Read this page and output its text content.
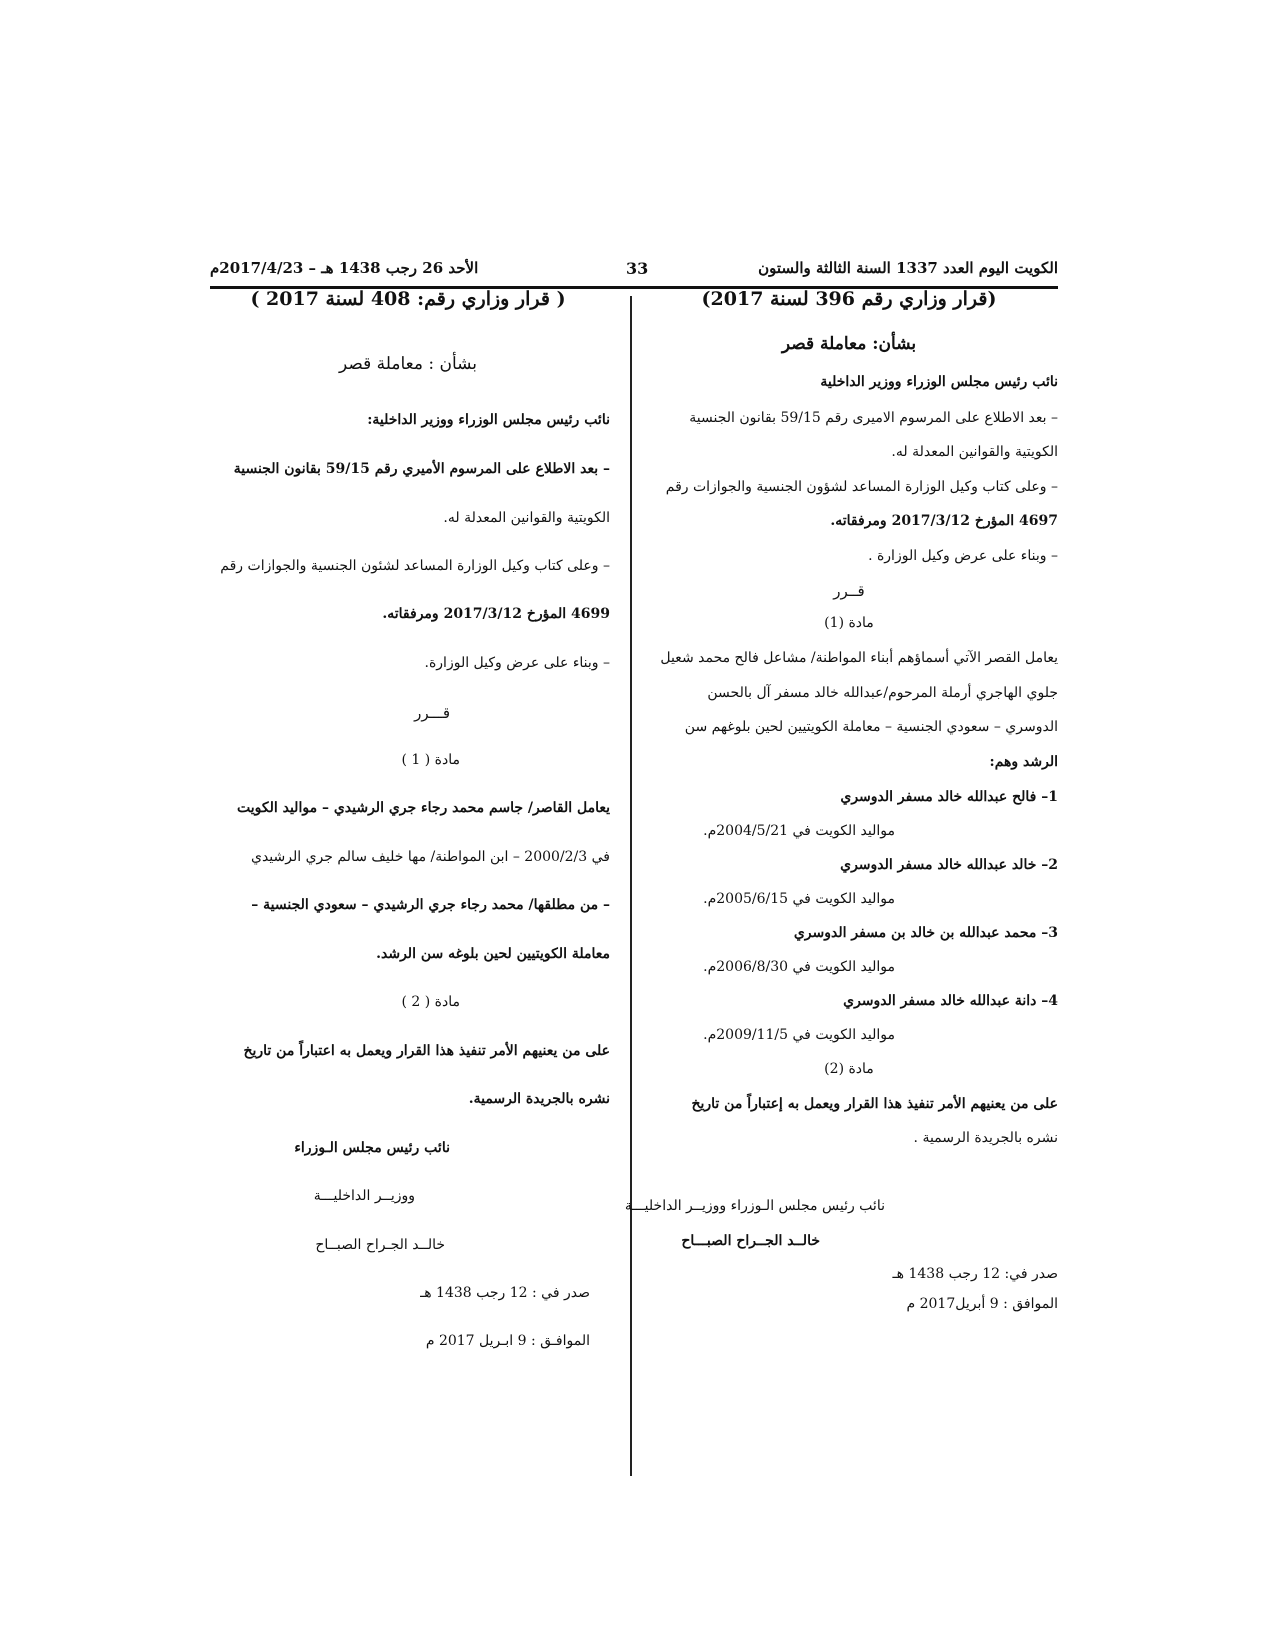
الكويت اليوم العدد 1337 السنة الثالثة والستون
33
الأحد 26 رجب 1438 هـ – 2017/4/23م
(قرار وزاري رقم 396 لسنة 2017)
بشأن: معاملة قصر
نائب رئيس مجلس الوزراء ووزير الداخلية
– بعد الاطلاع على المرسوم الاميرى رقم 59/15 بقانون الجنسية
الكويتية والقوانين المعدلة له.
– وعلى كتاب وكيل الوزارة المساعد لشؤون الجنسية والجوازات رقم
4697 المؤرخ 2017/3/12 ومرفقاته.
– وبناء على عرض وكيل الوزارة .
قــرر
مادة (1)
يعامل القصر الآتي أسماؤهم أبناء المواطنة/ مشاعل فالح محمد شعيل
جلوي الهاجري أرملة المرحوم/عبدالله خالد مسفر آل بالحسن
الدوسري – سعودي الجنسية – معاملة الكويتيين لحين بلوغهم سن
الرشد وهم:
1– فالح عبدالله خالد مسفر الدوسري
مواليد الكويت في 2004/5/21م.
2– خالد عبدالله خالد مسفر الدوسري
مواليد الكويت في 2005/6/15م.
3– محمد عبدالله بن خالد بن مسفر الدوسري
مواليد الكويت في 2006/8/30م.
4– دانة عبدالله خالد مسفر الدوسري
مواليد الكويت في 2009/11/5م.
مادة (2)
على من يعنيهم الأمر تنفيذ هذا القرار ويعمل به إعتباراً من تاريخ
نشره بالجريدة الرسمية .
نائب رئيس مجلس الـوزراء ووزيــر الداخليـــة
خالــد الجــراح الصبـــاح
صدر في: 12 رجب 1438 هـ
الموافق : 9 أبريل2017 م
( قرار وزاري رقم: 408 لسنة 2017 )
بشأن : معاملة قصر
نائب رئيس مجلس الوزراء ووزير الداخلية:
– بعد الاطلاع على المرسوم الأميري رقم 59/15 بقانون الجنسية
الكويتية والقوانين المعدلة له.
– وعلى كتاب وكيل الوزارة المساعد لشئون الجنسية والجوازات رقم
4699 المؤرخ 2017/3/12 ومرفقاته.
– وبناء على عرض وكيل الوزارة.
قـــرر
مادة ( 1 )
يعامل القاصر/ جاسم محمد رجاء جري الرشيدي – مواليد الكويت
في 2000/2/3 – ابن المواطنة/ مها خليف سالم جري الرشيدي
– من مطلقها/ محمد رجاء جري الرشيدي – سعودي الجنسية –
معاملة الكويتيين لحين بلوغه سن الرشد.
مادة ( 2 )
على من يعنيهم الأمر تنفيذ هذا القرار ويعمل به اعتباراً من تاريخ
نشره بالجريدة الرسمية.
نائب رئيس مجلس الـوزراء
ووزيــر الداخليـــة
خالــد الجـراح الصبــاح
صدر في : 12 رجب 1438 هـ
الموافـق : 9 ابـريل 2017 م
